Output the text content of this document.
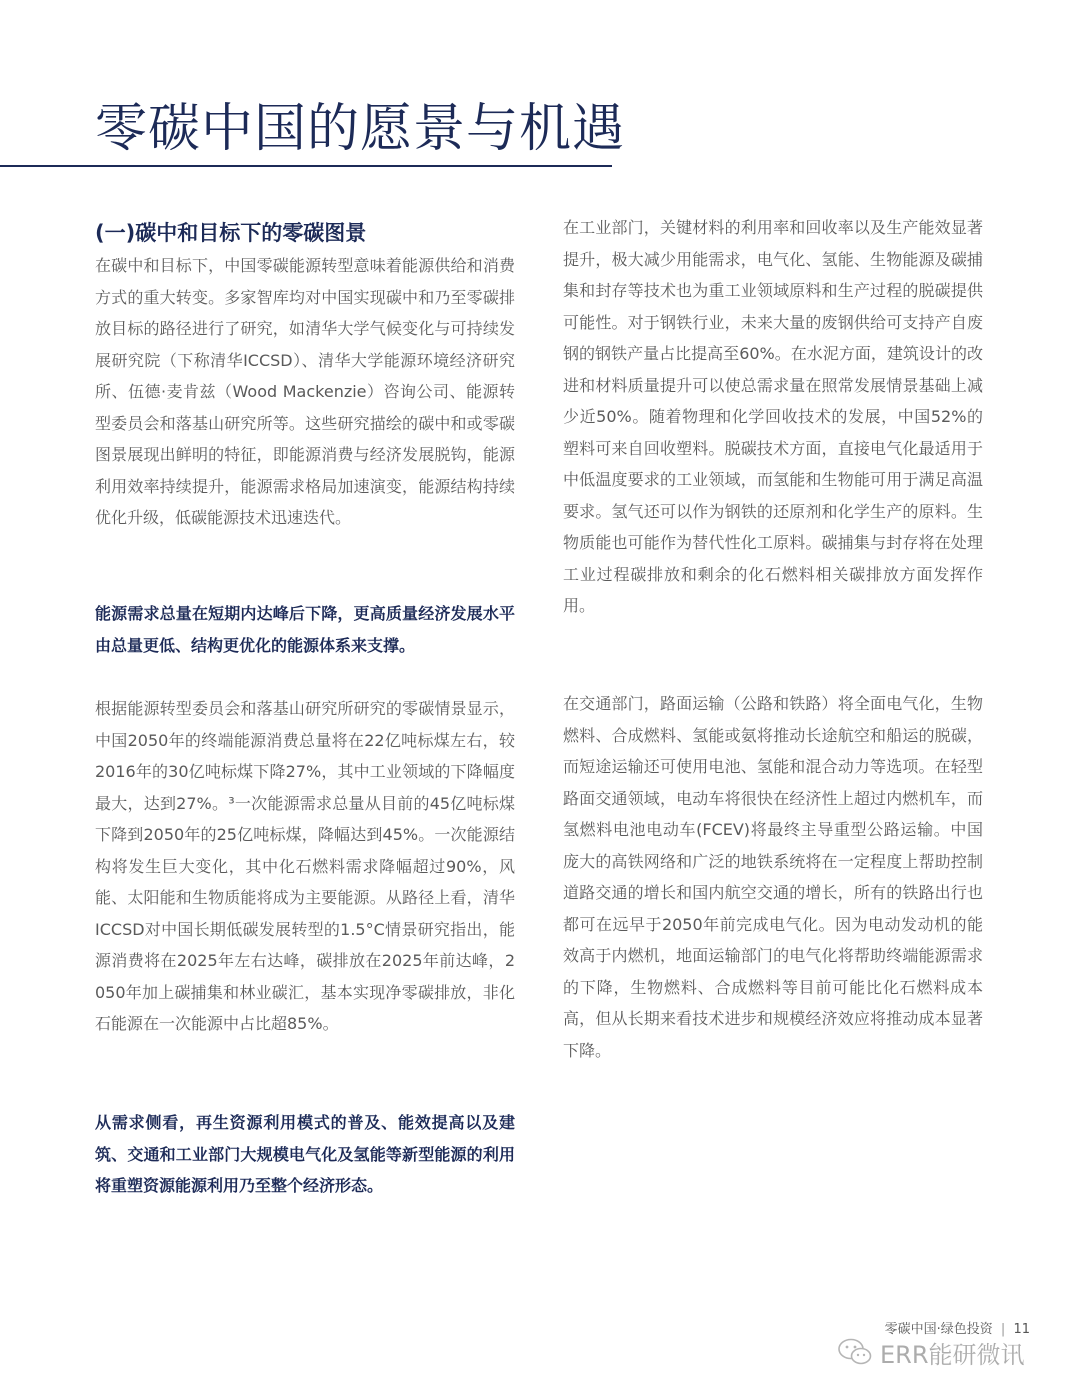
零碳中国的愿景与机遇
(一)碳中和目标下的零碳图景

在碳中和目标下，中国零碳能源转型意味着能源供给和消费方式的重大转变。多家智库均对中国实现碳中和乃至零碳排放目标的路径进行了研究，如清华大学气候变化与可持续发展研究院（下称清华ICCSD）、清华大学能源环境经济研究所、伍德·麦肯兹（Wood Mackenzie）咨询公司、能源转型委员会和落基山研究所等。这些研究描绘的碳中和或零碳图景展现出鲜明的特征，即能源消费与经济发展脱钩，能源利用效率持续提升，能源需求格局加速演变，能源结构持续优化升级，低碳能源技术迅速迭代。

能源需求总量在短期内达峰后下降，更高质量经济发展水平由总量更低、结构更优化的能源体系来支撑。

根据能源转型委员会和落基山研究所研究的零碳情景显示，中国2050年的终端能源消费总量将在22亿吨标煤左右，较2016年的30亿吨标煤下降27%，其中工业领域的下降幅度最大，达到27%。³一次能源需求总量从目前的45亿吨标煤下降到2050年的25亿吨标煤，降幅达到45%。一次能源结构将发生巨大变化，其中化石燃料需求降幅超过90%，风能、太阳能和生物质能将成为主要能源。从路径上看，清华ICCSD对中国长期低碳发展转型的1.5°C情景研究指出，能源消费将在2025年左右达峰，碳排放在2025年前达峰，2050年加上碳捕集和林业碳汇，基本实现净零碳排放，非化石能源在一次能源中占比超85%。

从需求侧看，再生资源利用模式的普及、能效提高以及建筑、交通和工业部门大规模电气化及氢能等新型能源的利用将重塑资源能源利用乃至整个经济形态。

在工业部门，关键材料的利用率和回收率以及生产能效显著提升，极大减少用能需求，电气化、氢能、生物能源及碳捕集和封存等技术也为重工业领域原料和生产过程的脱碳提供可能性。对于钢铁行业，未来大量的废钢供给可支持产自废钢的钢铁产量占比提高至60%。在水泥方面，建筑设计的改进和材料质量提升可以使总需求量在照常发展情景基础上减少近50%。随着物理和化学回收技术的发展，中国52%的塑料可来自回收塑料。脱碳技术方面，直接电气化最适用于中低温度要求的工业领域，而氢能和生物能可用于满足高温要求。氢气还可以作为钢铁的还原剂和化学生产的原料。生物质能也可能作为替代性化工原料。碳捕集与封存将在处理工业过程碳排放和剩余的化石燃料相关碳排放方面发挥作用。

在交通部门，路面运输（公路和铁路）将全面电气化，生物燃料、合成燃料、氢能或氨将推动长途航空和船运的脱碳，而短途运输还可使用电池、氢能和混合动力等选项。在轻型路面交通领域，电动车将很快在经济性上超过内燃机车，而氢燃料电池电动车(FCEV)将最终主导重型公路运输。中国庞大的高铁网络和广泛的地铁系统将在一定程度上帮助控制道路交通的增长和国内航空交通的增长，所有的铁路出行也都可在远早于2050年前完成电气化。因为电动发动机的能效高于内燃机，地面运输部门的电气化将帮助终端能源需求的下降，生物燃料、合成燃料等目前可能比化石燃料成本高，但从长期来看技术进步和规模经济效应将推动成本显著下降。

零碳中国·绿色投资 | 11
ERR能研微讯
